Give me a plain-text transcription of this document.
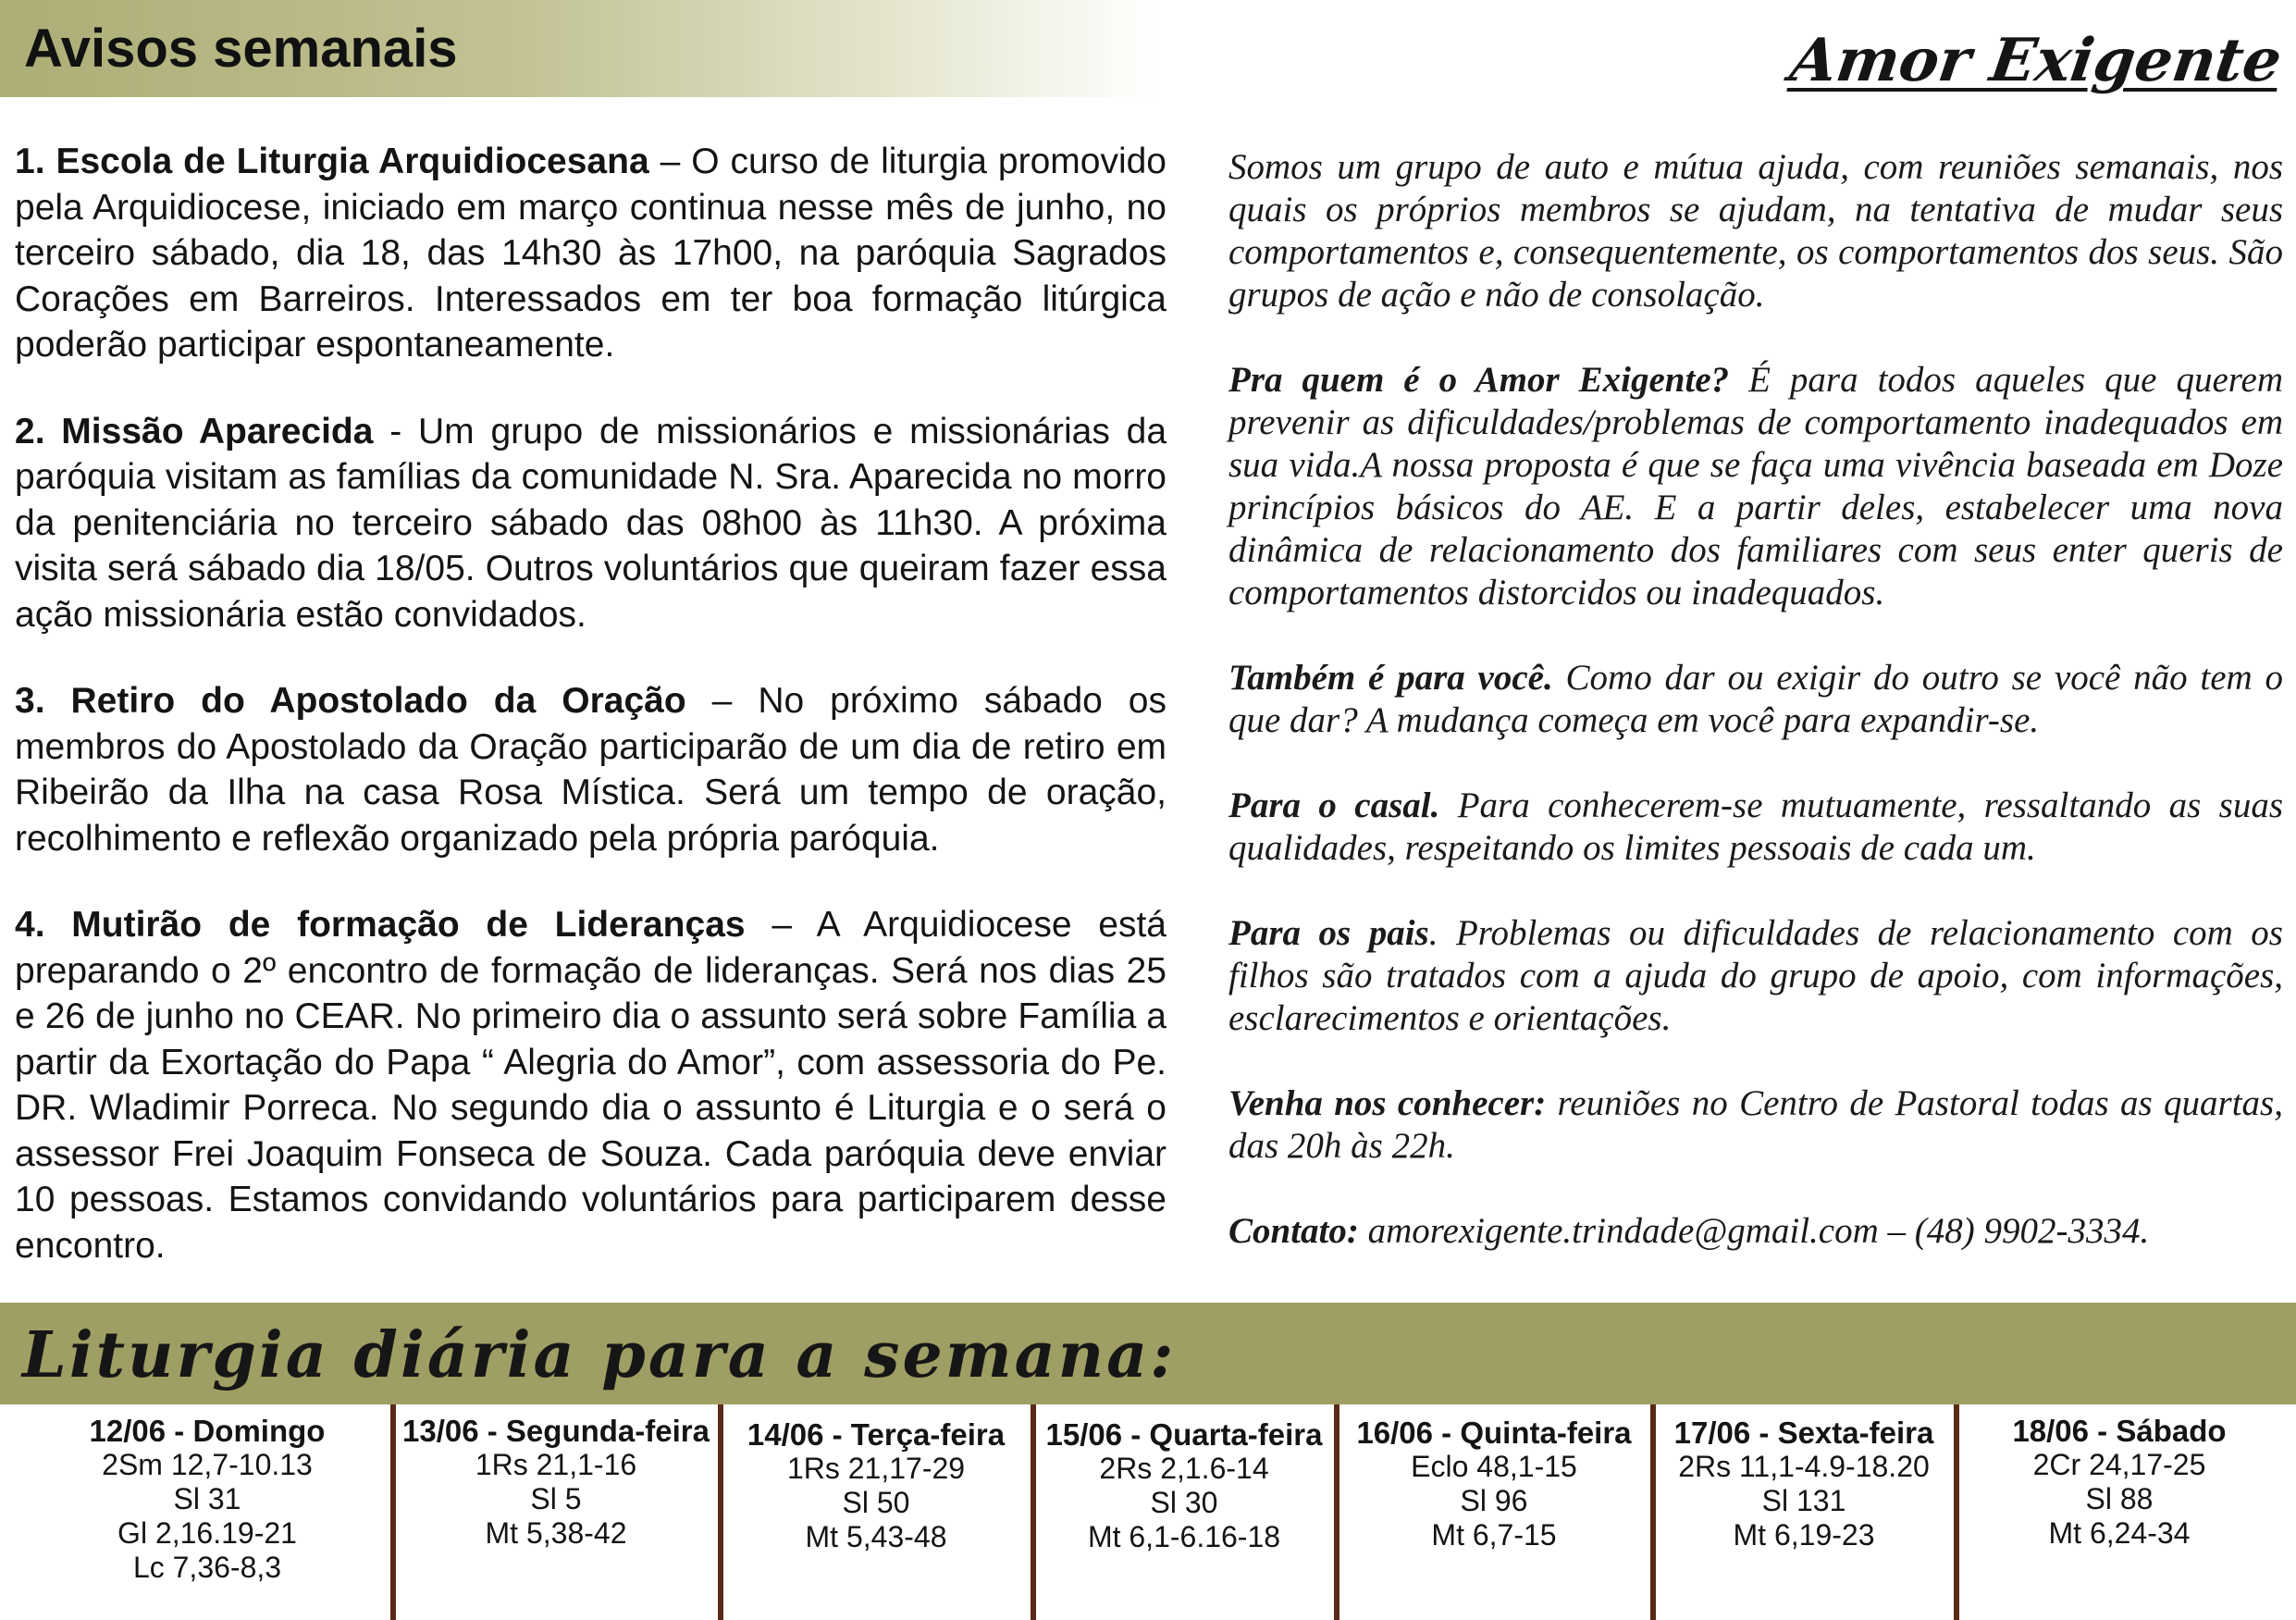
Avisos semanais	Amor Exigente

1. Escola de Liturgia Arquidiocesana – O curso de liturgia promovido pela Arquidiocese, iniciado em março continua nesse mês de junho, no terceiro sábado, dia 18, das 14h30 às 17h00, na paróquia Sagrados Corações em Barreiros. Interessados em ter boa formação litúrgica poderão participar espontaneamente.

2. Missão Aparecida - Um grupo de missionários e missionárias da paróquia visitam as famílias da comunidade N. Sra. Aparecida no morro da penitenciária no terceiro sábado das 08h00 às 11h30. A próxima visita será sábado dia 18/05. Outros voluntários que queiram fazer essa ação missionária estão convidados.

3. Retiro do Apostolado da Oração – No próximo sábado os membros do Apostolado da Oração participarão de um dia de retiro em Ribeirão da Ilha na casa Rosa Mística. Será um tempo de oração, recolhimento e reflexão organizado pela própria paróquia.

4. Mutirão de formação de Lideranças – A Arquidiocese está preparando o 2º encontro de formação de lideranças. Será nos dias 25 e 26 de junho no CEAR. No primeiro dia o assunto será sobre Família a partir da Exortação do Papa “ Alegria do Amor”, com assessoria do Pe. DR. Wladimir Porreca. No segundo dia o assunto é Liturgia e o será o assessor Frei Joaquim Fonseca de Souza. Cada paróquia deve enviar 10 pessoas. Estamos convidando voluntários para participarem desse encontro.

Somos um grupo de auto e mútua ajuda, com reuniões semanais, nos quais os próprios membros se ajudam, na tentativa de mudar seus comportamentos e, consequentemente, os comportamentos dos seus. São grupos de ação e não de consolação.

Pra quem é o Amor Exigente? É para todos aqueles que querem prevenir as dificuldades/problemas de comportamento inadequados em sua vida.A nossa proposta é que se faça uma vivência baseada em Doze princípios básicos do AE. E a partir deles, estabelecer uma nova dinâmica de relacionamento dos familiares com seus enter queris de comportamentos distorcidos ou inadequados.

Também é para você. Como dar ou exigir do outro se você não tem o que dar? A mudança começa em você para expandir-se.

Para o casal. Para conhecerem-se mutuamente, ressaltando as suas qualidades, respeitando os limites pessoais de cada um.

Para os pais. Problemas ou dificuldades de relacionamento com os filhos são tratados com a ajuda do grupo de apoio, com informações, esclarecimentos e orientações.

Venha nos conhecer: reuniões no Centro de Pastoral todas as quartas, das 20h às 22h.

Contato: amorexigente.trindade@gmail.com – (48) 9902-3334.

Liturgia diária para a semana:
12/06 - Domingo
2Sm 12,7-10.13
Sl 31
Gl 2,16.19-21
Lc 7,36-8,3
13/06 - Segunda-feira
1Rs 21,1-16
Sl 5
Mt 5,38-42
14/06 - Terça-feira
1Rs 21,17-29
Sl 50
Mt 5,43-48
15/06 - Quarta-feira
2Rs 2,1.6-14
Sl 30
Mt 6,1-6.16-18
16/06 - Quinta-feira
Eclo 48,1-15
Sl 96
Mt 6,7-15
17/06 - Sexta-feira
2Rs 11,1-4.9-18.20
Sl 131
Mt 6,19-23
18/06 - Sábado
2Cr 24,17-25
Sl 88
Mt 6,24-34
